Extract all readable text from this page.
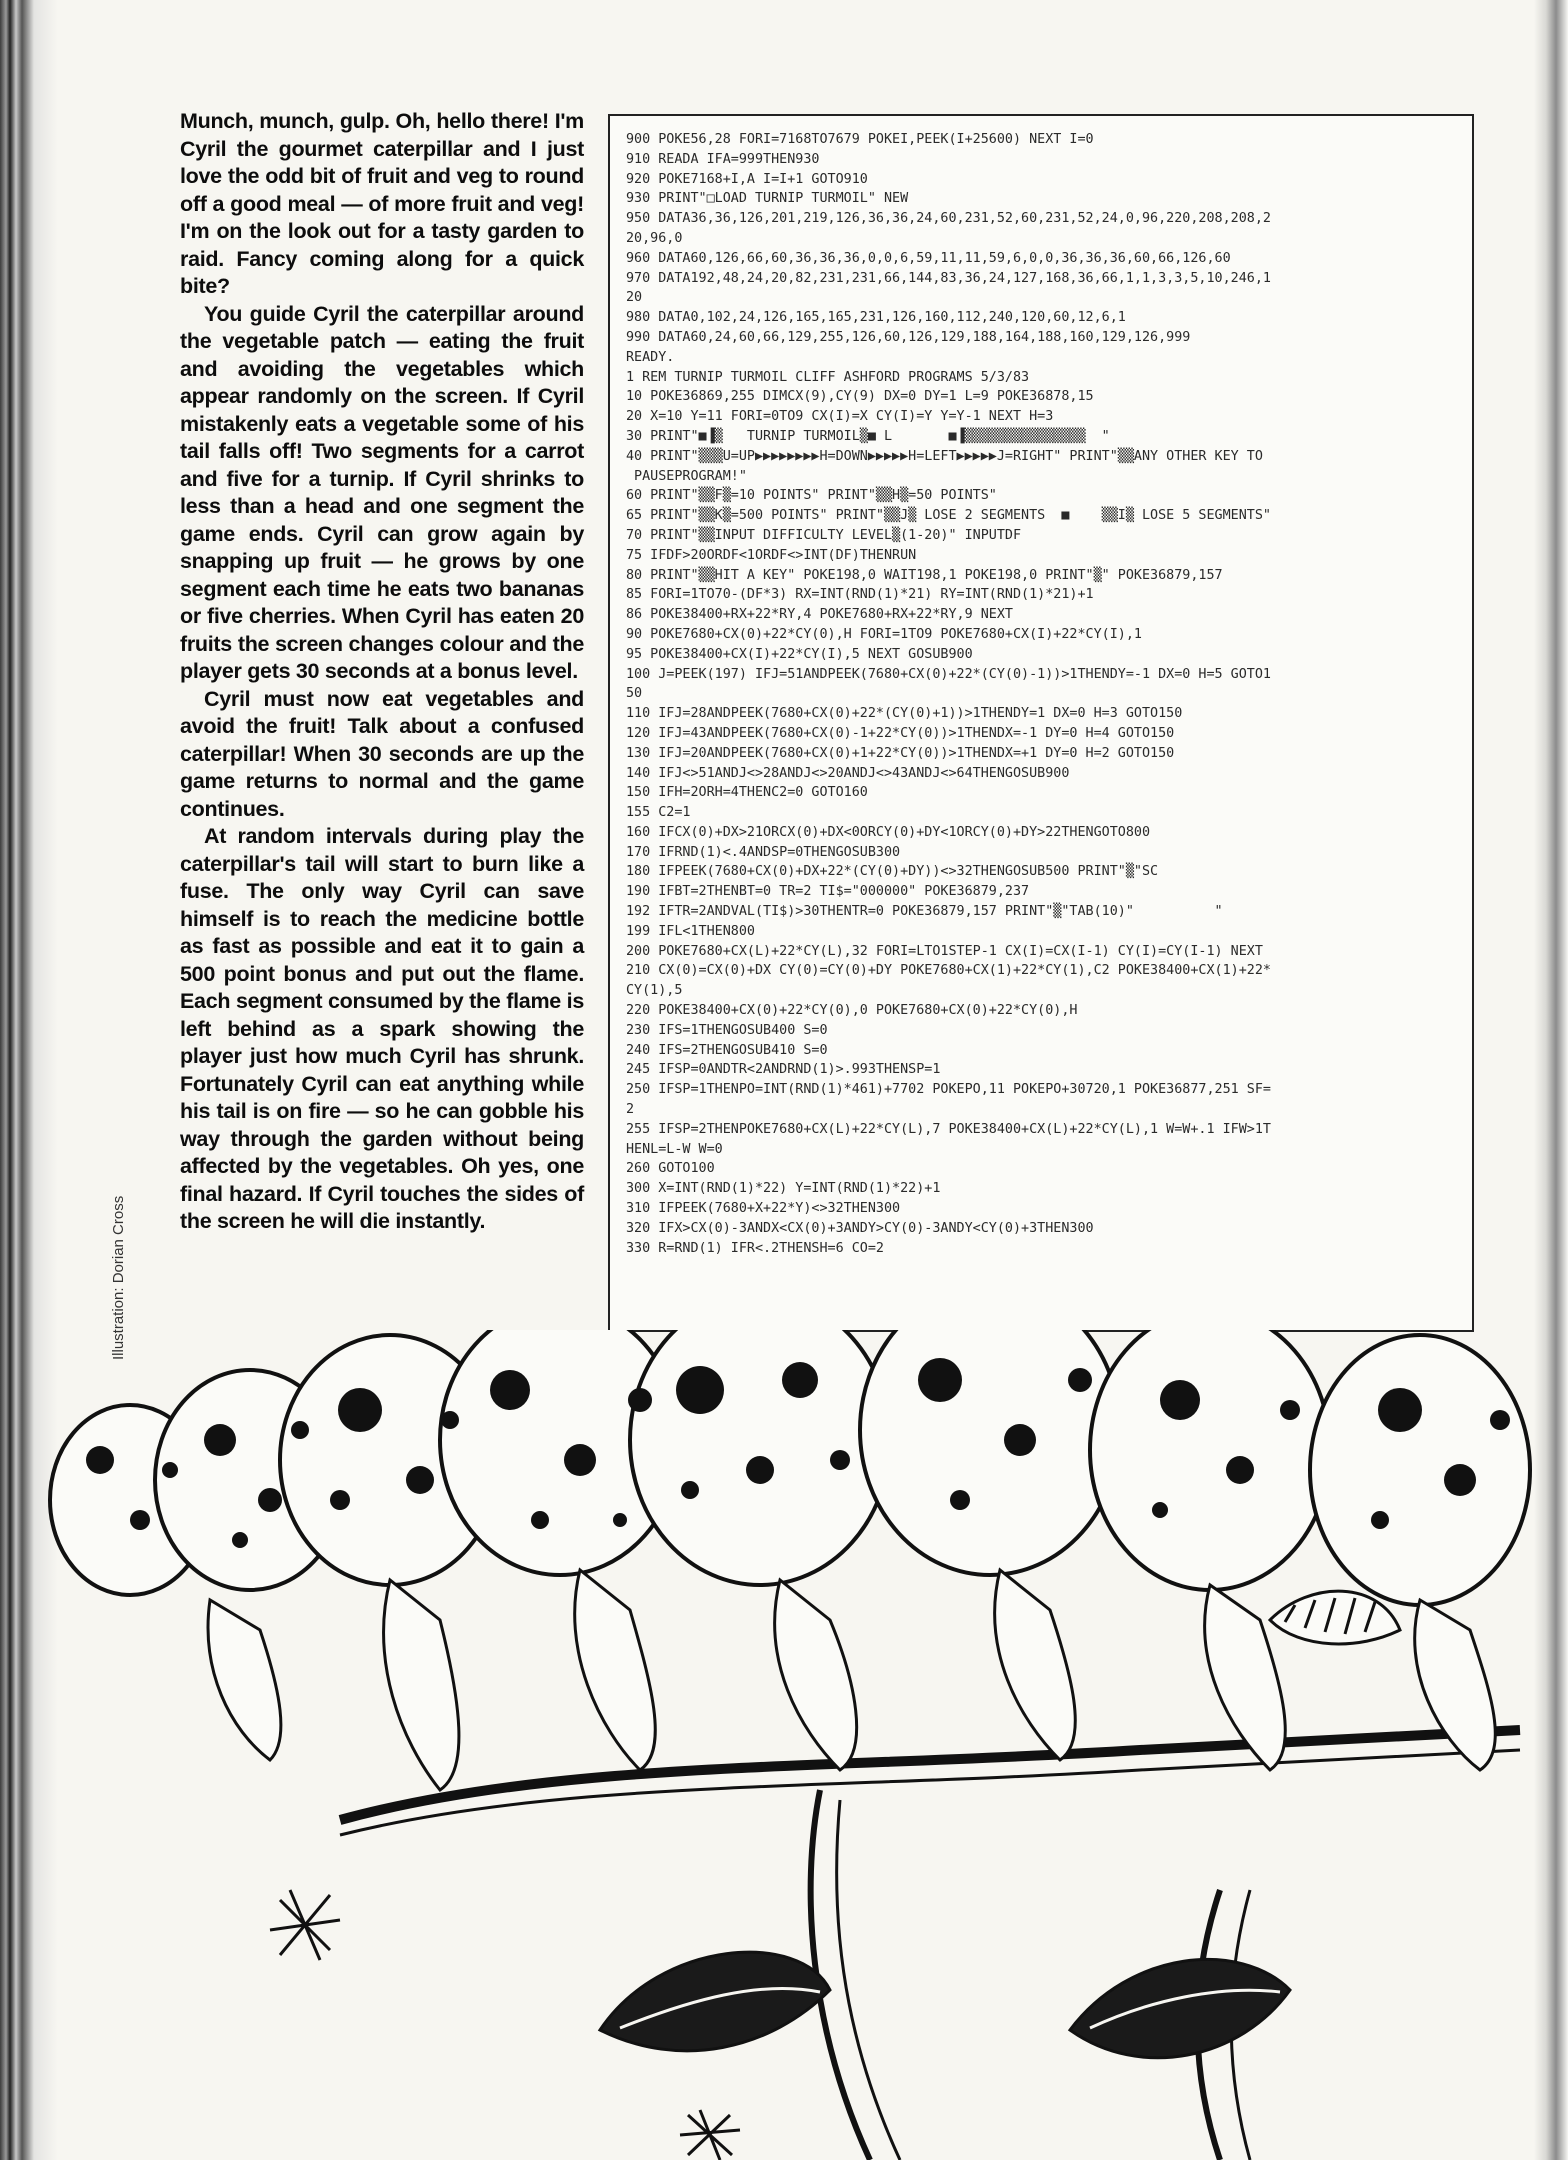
Illustration: Dorian Cross

Munch, munch, gulp. Oh, hello there! I'm Cyril the gourmet caterpillar and I just love the odd bit of fruit and veg to round off a good meal — of more fruit and veg! I'm on the look out for a tasty garden to raid. Fancy coming along for a quick bite?

You guide Cyril the caterpillar around the vegetable patch — eating the fruit and avoiding the vegetables which appear randomly on the screen. If Cyril mistakenly eats a vegetable some of his tail falls off! Two segments for a carrot and five for a turnip. If Cyril shrinks to less than a head and one segment the game ends. Cyril can grow again by snapping up fruit — he grows by one segment each time he eats two bananas or five cherries. When Cyril has eaten 20 fruits the screen changes colour and the player gets 30 seconds at a bonus level.

Cyril must now eat vegetables and avoid the fruit! Talk about a confused caterpillar! When 30 seconds are up the game returns to normal and the game continues.

At random intervals during play the caterpillar's tail will start to burn like a fuse. The only way Cyril can save himself is to reach the medicine bottle as fast as possible and eat it to gain a 500 point bonus and put out the flame. Each segment consumed by the flame is left behind as a spark showing the player just how much Cyril has shrunk. Fortunately Cyril can eat anything while his tail is on fire — so he can gobble his way through the garden without being affected by the vegetables. Oh yes, one final hazard. If Cyril touches the sides of the screen he will die instantly.

900 POKE56,28 FORI=7168TO7679 POKEI,PEEK(I+25600) NEXT I=0
910 READA IFA=999THEN930
920 POKE7168+I,A I=I+1 GOTO910
930 PRINT"□LOAD TURNIP TURMOIL" NEW
950 DATA36,36,126,201,219,126,36,36,24,60,231,52,60,231,52,24,0,96,220,208,208,2
20,96,0
960 DATA60,126,66,60,36,36,36,0,0,6,59,11,11,59,6,0,0,36,36,36,60,66,126,60
970 DATA192,48,24,20,82,231,231,66,144,83,36,24,127,168,36,66,1,1,3,3,5,10,246,1
20
980 DATA0,102,24,126,165,165,231,126,160,112,240,120,60,12,6,1
990 DATA60,24,60,66,129,255,126,60,126,129,188,164,188,160,129,126,999
READY.
1 REM TURNIP TURMOIL CLIFF ASHFORD PROGRAMS 5/3/83
10 POKE36869,255 DIMCX(9),CY(9) DX=0 DY=1 L=9 POKE36878,15
20 X=10 Y=11 FORI=0TO9 CX(I)=X CY(I)=Y Y=Y-1 NEXT H=3
30 PRINT"■▐▒   TURNIP TURMOIL▒■ L       ■▐▒▒▒▒▒▒▒▒▒▒▒▒▒▒▒  "
40 PRINT"▒▒▒U=UP▶▶▶▶▶▶▶▶H=DOWN▶▶▶▶▶H=LEFT▶▶▶▶▶J=RIGHT" PRINT"▒▒ANY OTHER KEY TO
PAUSEPROGRAM!"
60 PRINT"▒▒F▒=10 POINTS" PRINT"▒▒H▒=50 POINTS"
65 PRINT"▒▒K▒=500 POINTS" PRINT"▒▒J▒ LOSE 2 SEGMENTS  ■    ▒▒I▒ LOSE 5 SEGMENTS"
70 PRINT"▒▒INPUT DIFFICULTY LEVEL▒(1-20)" INPUTDF
75 IFDF>20ORDF<1ORDF<>INT(DF)THENRUN
80 PRINT"▒▒HIT A KEY" POKE198,0 WAIT198,1 POKE198,0 PRINT"▒" POKE36879,157
85 FORI=1TO70-(DF*3) RX=INT(RND(1)*21) RY=INT(RND(1)*21)+1
86 POKE38400+RX+22*RY,4 POKE7680+RX+22*RY,9 NEXT
90 POKE7680+CX(0)+22*CY(0),H FORI=1TO9 POKE7680+CX(I)+22*CY(I),1
95 POKE38400+CX(I)+22*CY(I),5 NEXT GOSUB900
100 J=PEEK(197) IFJ=51ANDPEEK(7680+CX(0)+22*(CY(0)-1))>1THENDY=-1 DX=0 H=5 GOTO1
50
110 IFJ=28ANDPEEK(7680+CX(0)+22*(CY(0)+1))>1THENDY=1 DX=0 H=3 GOTO150
120 IFJ=43ANDPEEK(7680+CX(0)-1+22*CY(0))>1THENDX=-1 DY=0 H=4 GOTO150
130 IFJ=20ANDPEEK(7680+CX(0)+1+22*CY(0))>1THENDX=+1 DY=0 H=2 GOTO150
140 IFJ<>51ANDJ<>28ANDJ<>20ANDJ<>43ANDJ<>64THENGOSUB900
150 IFH=2ORH=4THENC2=0 GOTO160
155 C2=1
160 IFCX(0)+DX>21ORCX(0)+DX<0ORCY(0)+DY<1ORCY(0)+DY>22THENGOTO800
170 IFRND(1)<.4ANDSP=0THENGOSUB300
180 IFPEEK(7680+CX(0)+DX+22*(CY(0)+DY))<>32THENGOSUB500 PRINT"▒"SC
190 IFBT=2THENBT=0 TR=2 TI$="000000" POKE36879,237
192 IFTR=2ANDVAL(TI$)>30THENTR=0 POKE36879,157 PRINT"▒"TAB(10)"          "
199 IFL<1THEN800
200 POKE7680+CX(L)+22*CY(L),32 FORI=LTO1STEP-1 CX(I)=CX(I-1) CY(I)=CY(I-1) NEXT
210 CX(0)=CX(0)+DX CY(0)=CY(0)+DY POKE7680+CX(1)+22*CY(1),C2 POKE38400+CX(1)+22*
CY(1),5
220 POKE38400+CX(0)+22*CY(0),0 POKE7680+CX(0)+22*CY(0),H
230 IFS=1THENGOSUB400 S=0
240 IFS=2THENGOSUB410 S=0
245 IFSP=0ANDTR<2ANDRND(1)>.993THENSP=1
250 IFSP=1THENPO=INT(RND(1)*461)+7702 POKEPO,11 POKEPO+30720,1 POKE36877,251 SF=
2
255 IFSP=2THENPOKE7680+CX(L)+22*CY(L),7 POKE38400+CX(L)+22*CY(L),1 W=W+.1 IFW>1T
HENL=L-W W=0
260 GOTO100
300 X=INT(RND(1)*22) Y=INT(RND(1)*22)+1
310 IFPEEK(7680+X+22*Y)<>32THEN300
320 IFX>CX(0)-3ANDX<CX(0)+3ANDY>CY(0)-3ANDY<CY(0)+3THEN300
330 R=RND(1) IFR<.2THENSH=6 CO=2
